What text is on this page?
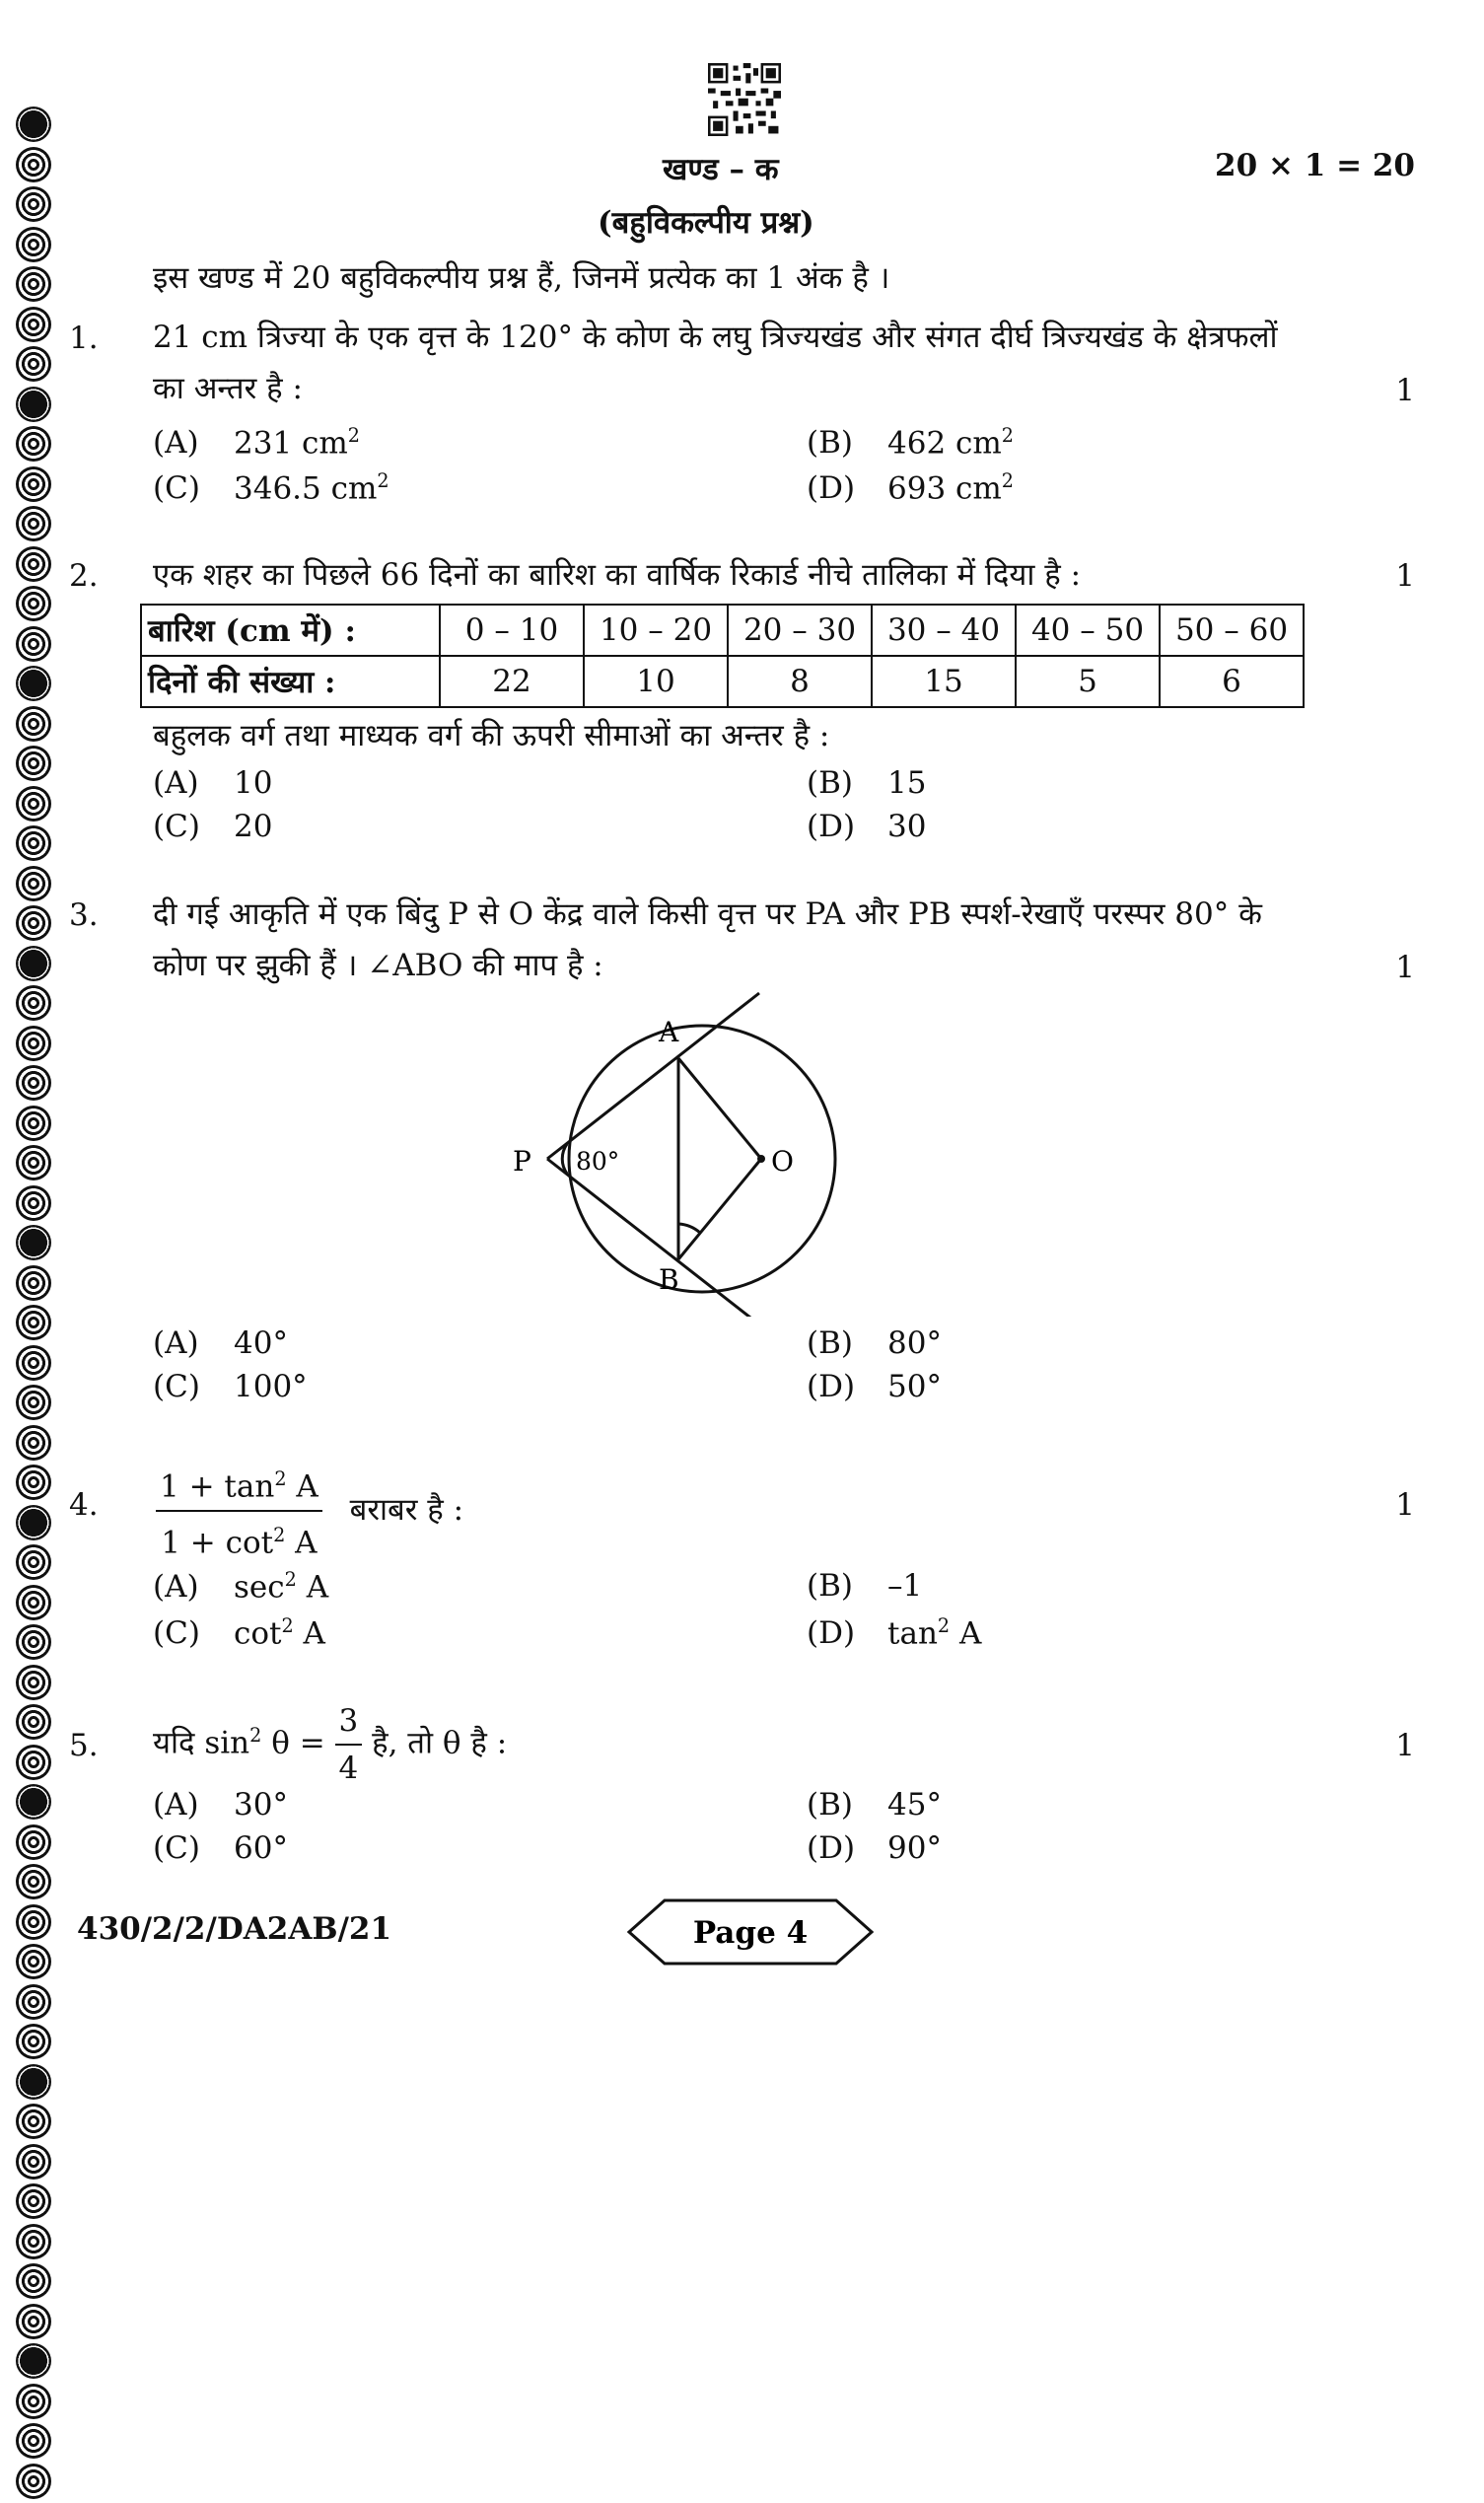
खण्ड – क	20 × 1 = 20
(बहुविकल्पीय प्रश्न)
इस खण्ड में 20 बहुविकल्पीय प्रश्न हैं, जिनमें प्रत्येक का 1 अंक है ।
1. 21 cm त्रिज्या के एक वृत्त के 120° के कोण के लघु त्रिज्यखंड और संगत दीर्घ त्रिज्यखंड के क्षेत्रफलों
का अन्तर है :	1
(A) 231 $cm^2$	(B) 462 $cm^2$
(C) 346.5 $cm^2$	(D) 693 $cm^2$
2. एक शहर का पिछले 66 दिनों का बारिश का वार्षिक रिकार्ड नीचे तालिका में दिया है :	1
बारिश (cm में) :	0 – 10	10 – 20	20 – 30	30 – 40	40 – 50	50 – 60
दिनों की संख्या :	22	10	8	15	5	6
बहुलक वर्ग तथा माध्यक वर्ग की ऊपरी सीमाओं का अन्तर है :
(A) 10	(B) 15
(C) 20	(D) 30
3. दी गई आकृति में एक बिंदु P से O केंद्र वाले किसी वृत्त पर PA और PB स्पर्श-रेखाएँ परस्पर 80° के
कोण पर झुकी हैं । ∠ABO की माप है :	1
A
B
P	O
80°
(A) 40°	(B) 80°
(C) 100°	(D) 50°
4. $\frac{1 + \tan^2 A}{1 + \cot^2 A}$ बराबर है :	1
(A) $\sec^2 A$	(B) –1
(C) $\cot^2 A$	(D) $\tan^2 A$
5. यदि $\sin^2 \theta = \frac{3}{4}$ है, तो θ है :	1
(A) 30°	(B) 45°
(C) 60°	(D) 90°
430/2/2/DA2AB/21	Page 4
